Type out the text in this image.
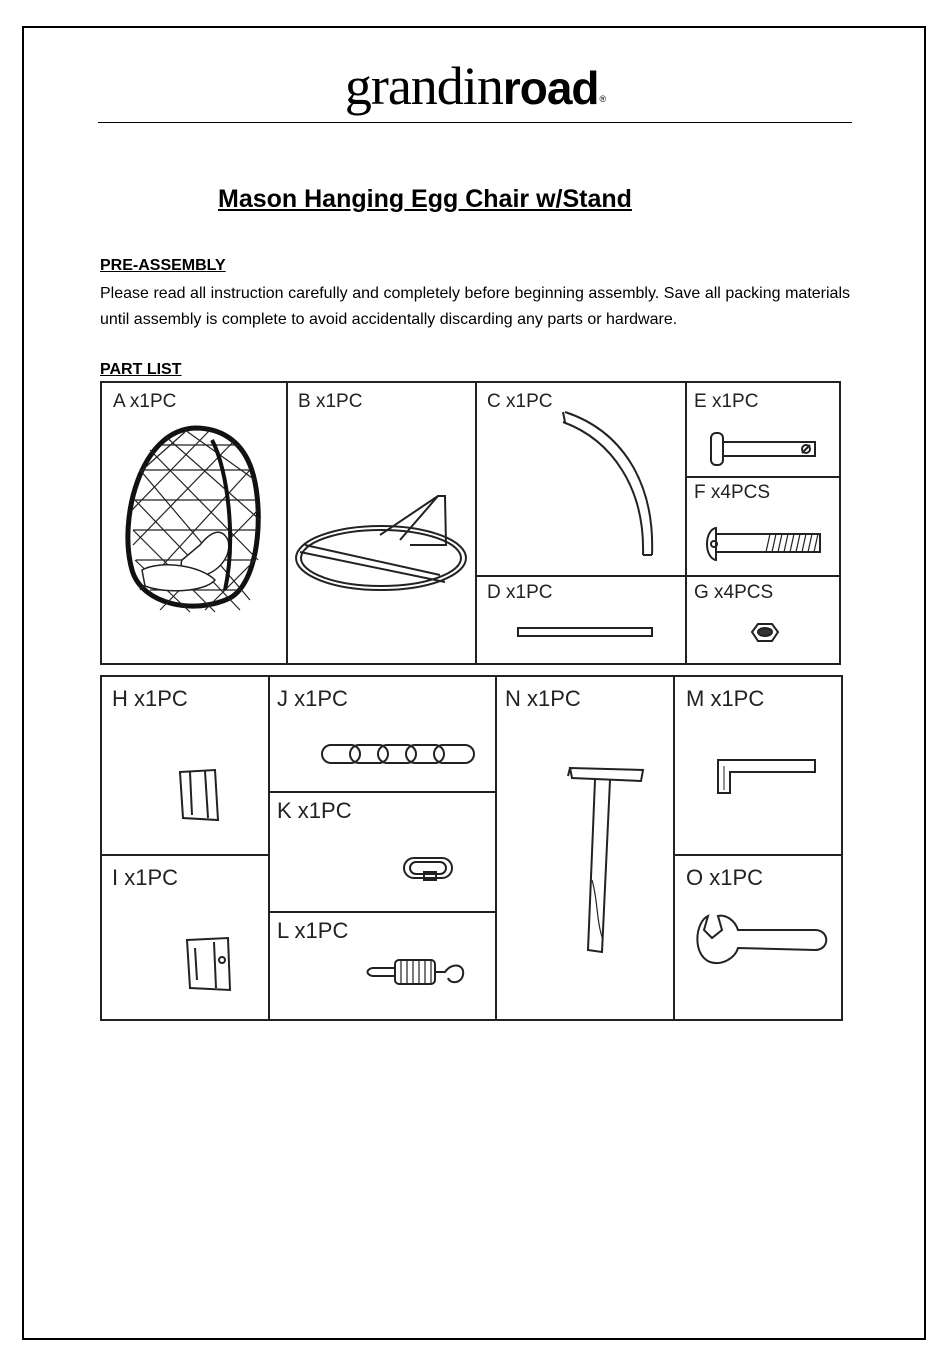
grandinroad®
Mason Hanging Egg Chair w/Stand
PRE-ASSEMBLY
Please read all instruction carefully and completely before beginning assembly. Save all packing materials until assembly is complete to avoid accidentally discarding any parts or hardware.
PART LIST
A x1PC	B x1PC	C x1PC
D x1PC
E x1PC
F x4PCS
G x4PCS
H x1PC
I x1PC
J x1PC
K x1PC
L x1PC
N x1PC	M x1PC
O x1PC
